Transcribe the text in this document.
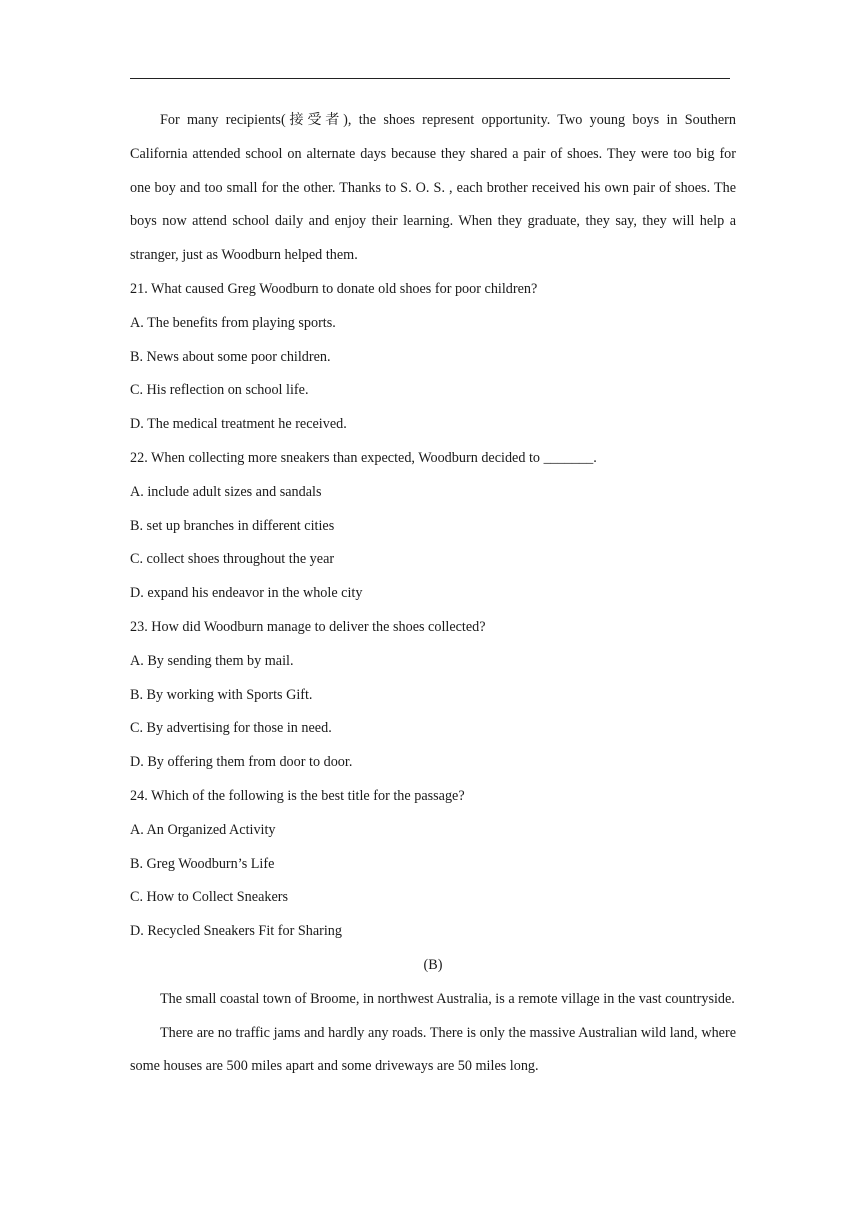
For many recipients(接受者), the shoes represent opportunity. Two young boys in Southern California attended school on alternate days because they shared a pair of shoes. They were too big for one boy and too small for the other. Thanks to S. O. S. , each brother received his own pair of shoes. The boys now attend school daily and enjoy their learning. When they graduate, they say, they will help a stranger, just as Woodburn helped them.

21. What caused Greg Woodburn to donate old shoes for poor children?

A. The benefits from playing sports.

B. News about some poor children.

C. His reflection on school life.

D. The medical treatment he received.

22. When collecting more sneakers than expected, Woodburn decided to _______.

A. include adult sizes and sandals

B. set up branches in different cities

C. collect shoes throughout the year

D. expand his endeavor in the whole city

23. How did Woodburn manage to deliver the shoes collected?

A. By sending them by mail.

B. By working with Sports Gift.

C. By advertising for those in need.

D. By offering them from door to door.

24. Which of the following is the best title for the passage?

A. An Organized Activity

B. Greg Woodburn’s Life

C. How to Collect Sneakers

D. Recycled Sneakers Fit for Sharing

(B)

The small coastal town of Broome, in northwest Australia, is a remote village in the vast countryside.

There are no traffic jams and hardly any roads. There is only the massive Australian wild land, where some houses are 500 miles apart and some driveways are 50 miles long.
